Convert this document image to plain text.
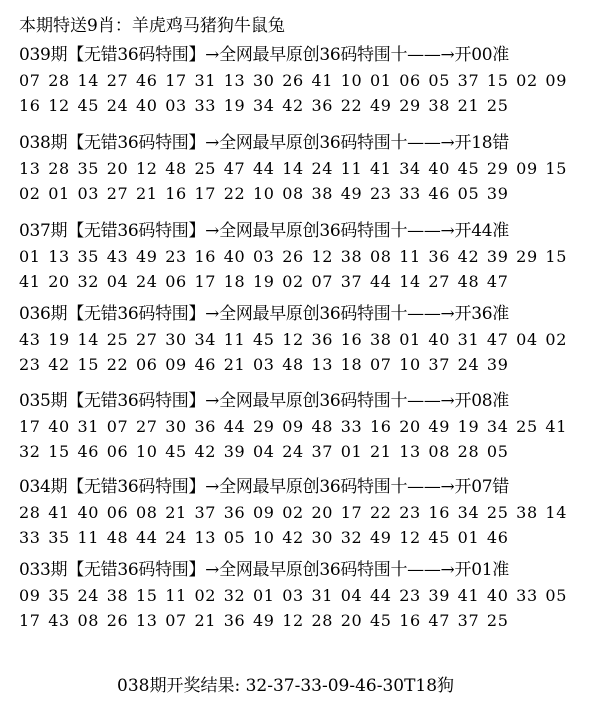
本期特送9肖：羊虎鸡马猪狗牛鼠兔
039期【无错36码特围】→全网最早原创36码特围十——→开00准
07 28 14 27 46 17 31 13 30 26 41 10 01 06 05 37 15 02 09
16 12 45 24 40 03 33 19 34 42 36 22 49 29 38 21 25
038期【无错36码特围】→全网最早原创36码特围十——→开18错
13 28 35 20 12 48 25 47 44 14 24 11 41 34 40 45 29 09 15
02 01 03 27 21 16 17 22 10 08 38 49 23 33 46 05 39
037期【无错36码特围】→全网最早原创36码特围十——→开44准
01 13 35 43 49 23 16 40 03 26 12 38 08 11 36 42 39 29 15
41 20 32 04 24 06 17 18 19 02 07 37 44 14 27 48 47
036期【无错36码特围】→全网最早原创36码特围十——→开36准
43 19 14 25 27 30 34 11 45 12 36 16 38 01 40 31 47 04 02
23 42 15 22 06 09 46 21 03 48 13 18 07 10 37 24 39
035期【无错36码特围】→全网最早原创36码特围十——→开08准
17 40 31 07 27 30 36 44 29 09 48 33 16 20 49 19 34 25 41
32 15 46 06 10 45 42 39 04 24 37 01 21 13 08 28 05
034期【无错36码特围】→全网最早原创36码特围十——→开07错
28 41 40 06 08 21 37 36 09 02 20 17 22 23 16 34 25 38 14
33 35 11 48 44 24 13 05 10 42 30 32 49 12 45 01 46
033期【无错36码特围】→全网最早原创36码特围十——→开01准
09 35 24 38 15 11 02 32 01 03 31 04 44 23 39 41 40 33 05
17 43 08 26 13 07 21 36 49 12 28 20 45 16 47 37 25
038期开奖结果: 32-37-33-09-46-30T18狗
